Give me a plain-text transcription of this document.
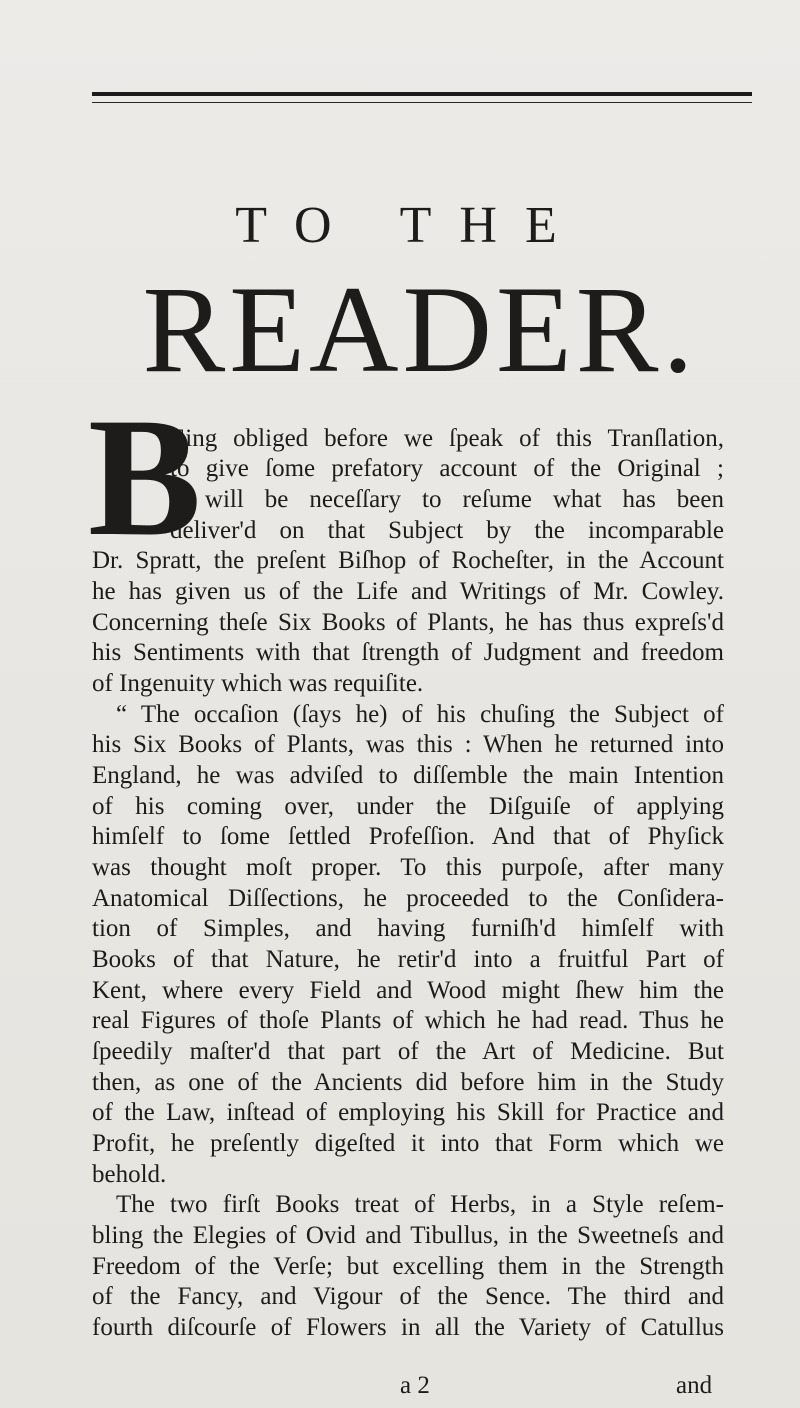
TO THE
READER.
B
Eing obliged before we ſpeak of this Tranſlation,
to give ſome prefatory account of the Original ;
it will be neceſſary to reſume what has been
deliver'd on that Subject by the incomparable
Dr. Spratt, the preſent Biſhop of Rocheſter, in the Account
he has given us of the Life and Writings of Mr. Cowley.
Concerning theſe Six Books of Plants, he has thus expreſs'd
his Sentiments with that ſtrength of Judgment and freedom
of Ingenuity which was requiſite.
“ The occaſion (ſays he) of his chuſing the Subject of
his Six Books of Plants, was this : When he returned into
England, he was adviſed to diſſemble the main Intention
of his coming over, under the Diſguiſe of applying
himſelf to ſome ſettled Profeſſion. And that of Phyſick
was thought moſt proper. To this purpoſe, after many
Anatomical Diſſections, he proceeded to the Conſidera-
tion of Simples, and having furniſh'd himſelf with
Books of that Nature, he retir'd into a fruitful Part of
Kent, where every Field and Wood might ſhew him the
real Figures of thoſe Plants of which he had read. Thus he
ſpeedily maſter'd that part of the Art of Medicine. But
then, as one of the Ancients did before him in the Study
of the Law, inſtead of employing his Skill for Practice and
Profit, he preſently digeſted it into that Form which we
behold.
The two firſt Books treat of Herbs, in a Style reſem-
bling the Elegies of Ovid and Tibullus, in the Sweetneſs and
Freedom of the Verſe; but excelling them in the Strength
of the Fancy, and Vigour of the Sence. The third and
fourth diſcourſe of Flowers in all the Variety of Catullus
a 2	and
